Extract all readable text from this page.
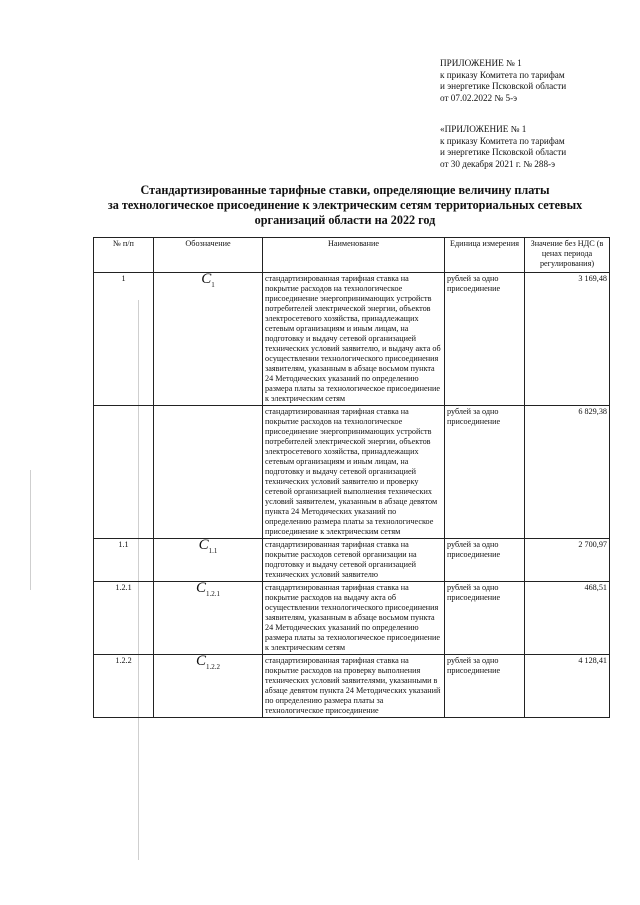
ПРИЛОЖЕНИЕ № 1
к приказу Комитета по тарифам
и энергетике Псковской области
от 07.02.2022 № 5-э
«ПРИЛОЖЕНИЕ № 1
к приказу Комитета по тарифам
и энергетике Псковской области
от 30 декабря 2021 г. № 288-э
Стандартизированные тарифные ставки, определяющие величину платы
за технологическое присоединение к электрическим сетям территориальных сетевых
организаций области на 2022 год
№ п/п	Обозначение	Наименование	Единица измерения	Значение без НДС (в ценах периода регулирования)
1	$C_1$	стандартизированная тарифная ставка на покрытие расходов на технологическое присоединение энергопринимающих устройств потребителей электрической энергии, объектов электросетевого хозяйства, принадлежащих сетевым организациям и иным лицам, на подготовку и выдачу сетевой организацией технических условий заявителю, и выдачу акта об осуществлении технологического присоединения заявителям, указанным в абзаце восьмом пункта 24 Методических указаний по определению размера платы за технологическое присоединение к электрическим сетям	рублей за одно присоединение	3 169,48
		стандартизированная тарифная ставка на покрытие расходов на технологическое присоединение энергопринимающих устройств потребителей электрической энергии, объектов электросетевого хозяйства, принадлежащих сетевым организациям и иным лицам, на подготовку и выдачу сетевой организацией технических условий заявителю и проверку сетевой организацией выполнения технических условий заявителем, указанным в абзаце девятом пункта 24 Методических указаний по определению размера платы за технологическое присоединение к электрическим сетям	рублей за одно присоединение	6 829,38
1.1	$C_{1.1}$	стандартизированная тарифная ставка на покрытие расходов сетевой организации на подготовку и выдачу сетевой организацией технических условий заявителю	рублей за одно присоединение	2 700,97
1.2.1	$C_{1.2.1}$	стандартизированная тарифная ставка на покрытие расходов на выдачу акта об осуществлении технологического присоединения заявителям, указанным в абзаце восьмом пункта 24 Методических указаний по определению размера платы за технологическое присоединение к электрическим сетям	рублей за одно присоединение	468,51
1.2.2	$C_{1.2.2}$	стандартизированная тарифная ставка на покрытие расходов на проверку выполнения технических условий заявителями, указанными в абзаце девятом пункта 24 Методических указаний по определению размера платы за технологическое присоединение	рублей за одно присоединение	4 128,41
